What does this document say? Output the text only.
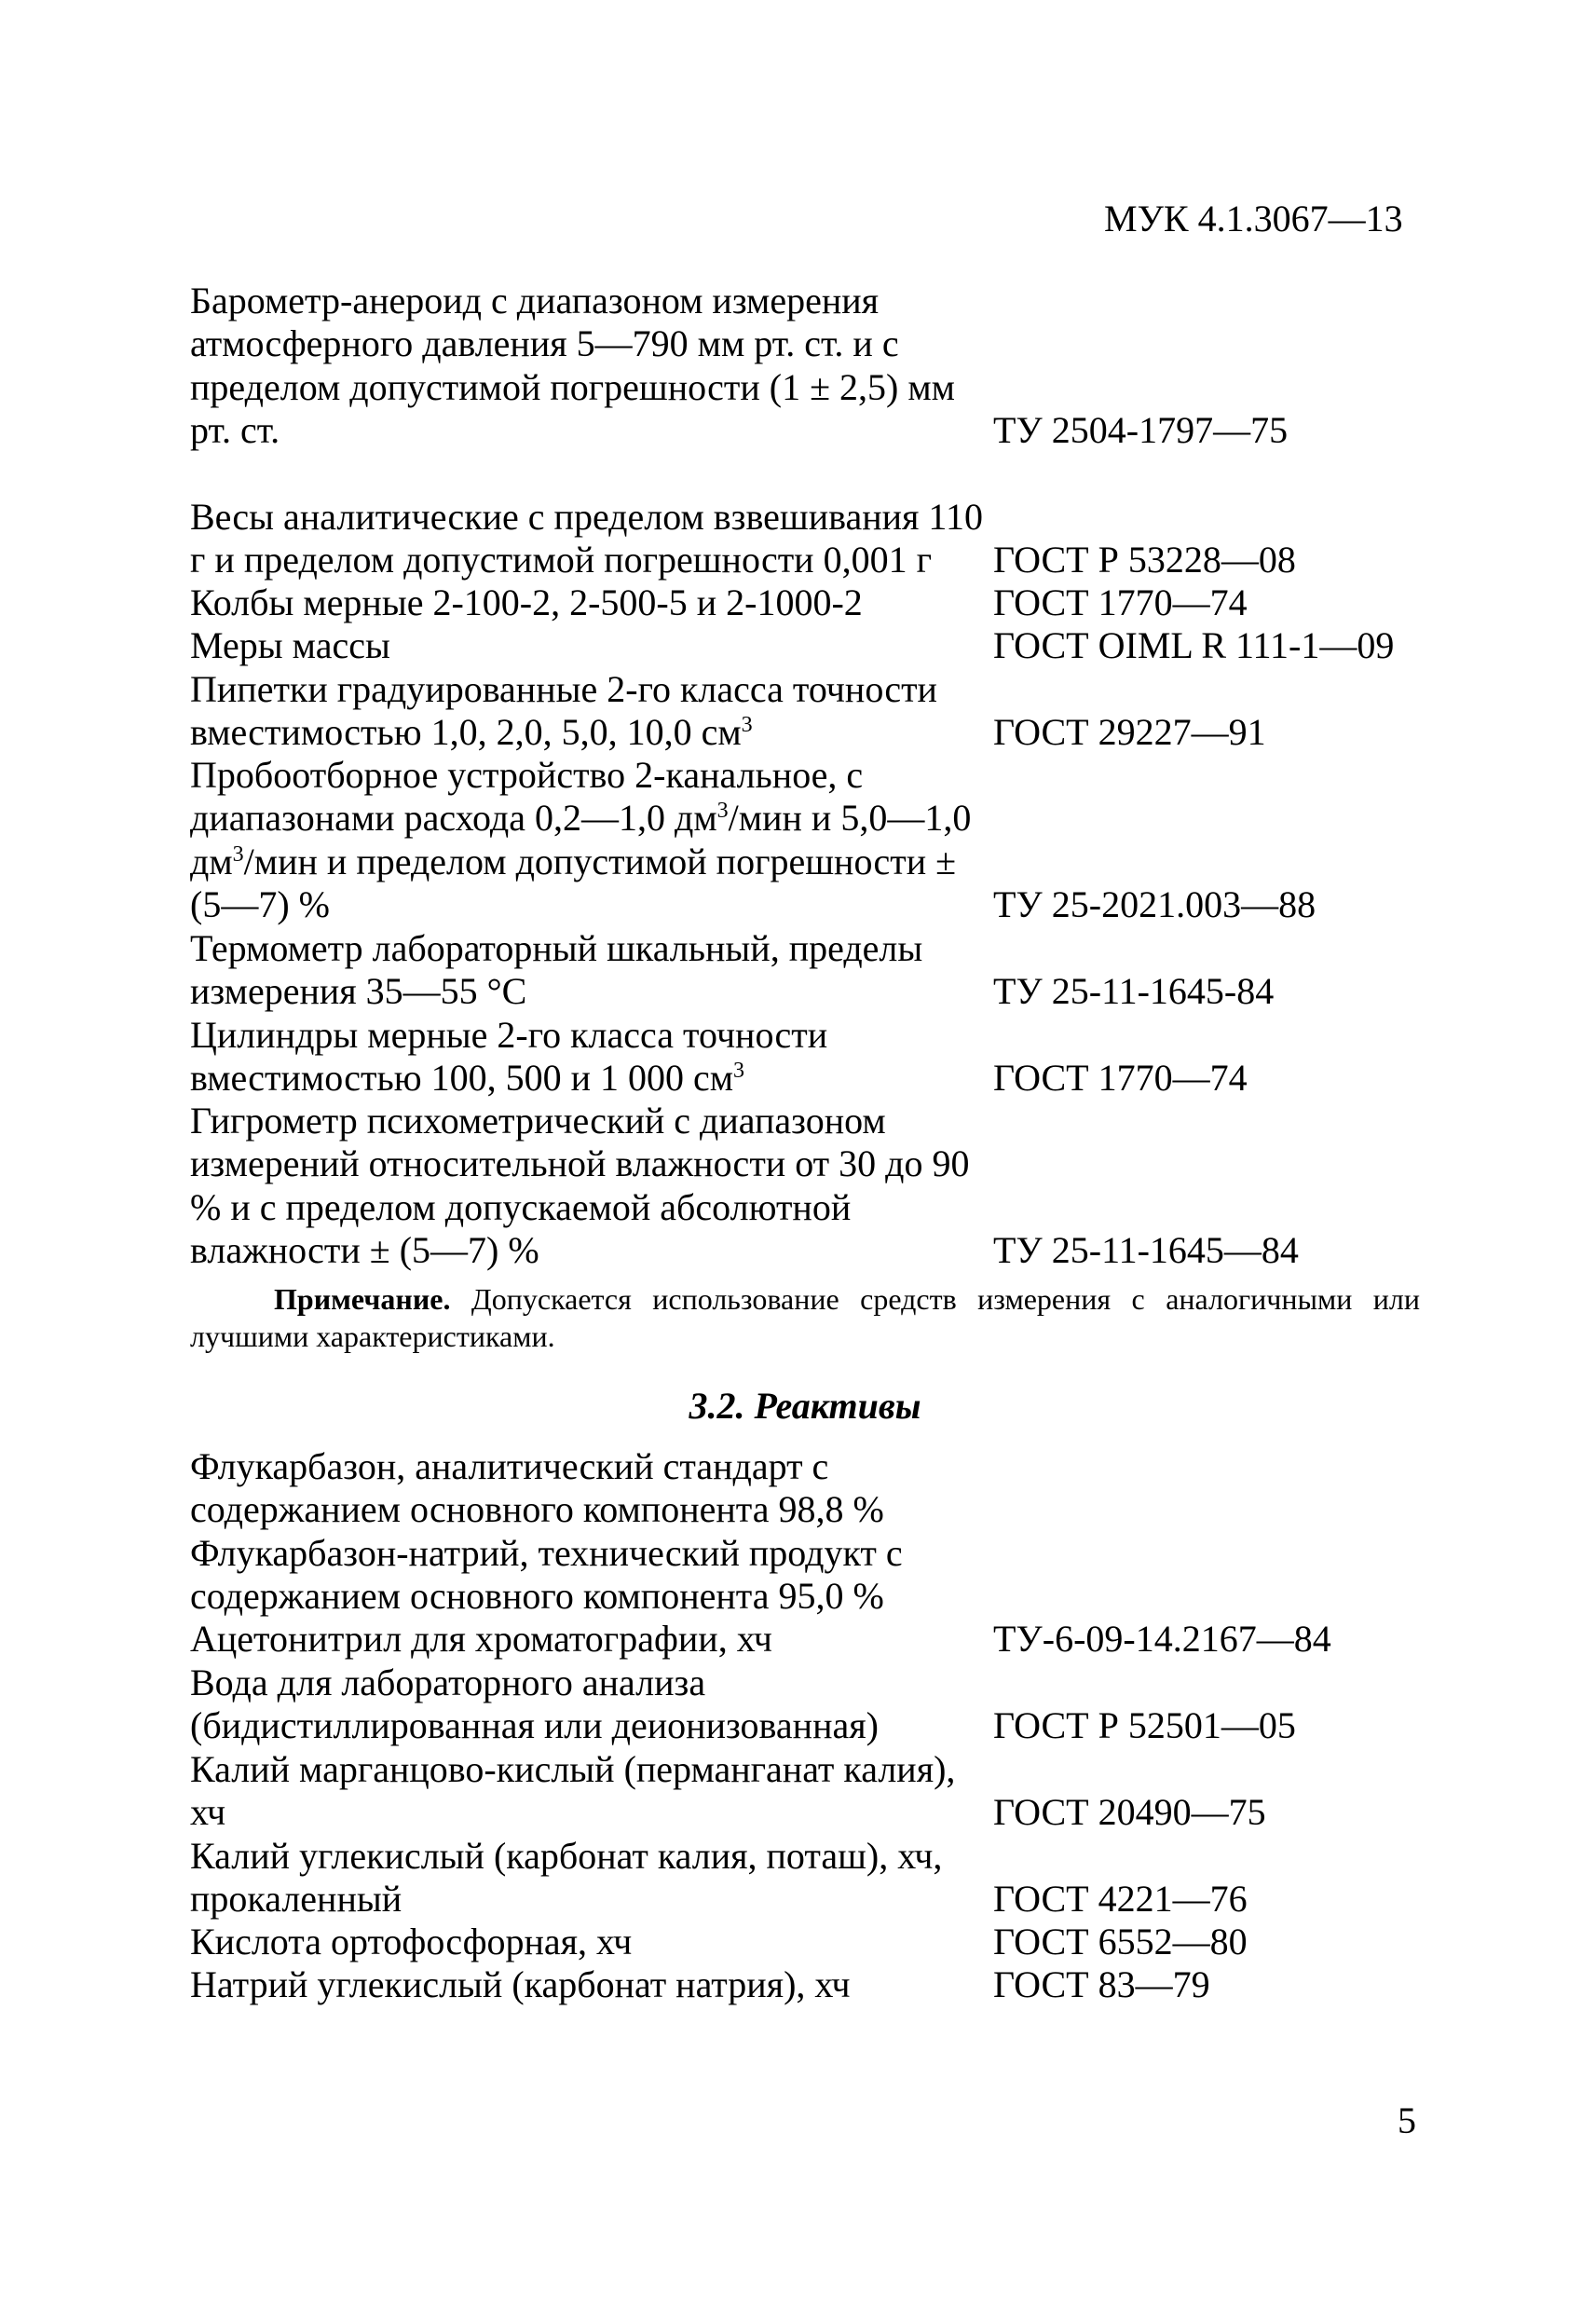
МУК 4.1.3067—13
Барометр-анероид с диапазоном измерения атмосферного давления 5—790 мм рт. ст. и с пределом допустимой погрешности (1 ± 2,5) мм рт. ст.	ТУ 2504-1797—75
Весы аналитические с пределом взвешивания 110 г и пределом допустимой погрешности 0,001 г	ГОСТ Р 53228—08
Колбы мерные 2-100-2, 2-500-5 и 2-1000-2	ГОСТ 1770—74
Меры массы	ГОСТ OIML R 111-1—09
Пипетки градуированные 2-го класса точности вместимостью 1,0, 2,0, 5,0, 10,0 $см^3$	ГОСТ 29227—91
Пробоотборное устройство 2-канальное, с диапазонами расхода 0,2—1,0 $дм^3$/мин и 5,0—1,0 $дм^3$/мин и пределом допустимой погрешности ± (5—7) %	ТУ 25-2021.003—88
Термометр лабораторный шкальный, пределы измерения 35—55 °С	ТУ 25-11-1645-84
Цилиндры мерные 2-го класса точности вместимостью 100, 500 и 1 000 $см^3$	ГОСТ 1770—74
Гигрометр психометрический с диапазоном измерений относительной влажности от 30 до 90 % и с пределом допускаемой абсолютной влажности ± (5—7) %	ТУ 25-11-1645—84
Примечание. Допускается использование средств измерения с аналогичными или лучшими характеристиками.
3.2. Реактивы
Флукарбазон, аналитический стандарт с содержанием основного компонента 98,8 %
Флукарбазон-натрий, технический продукт с содержанием основного компонента 95,0 %
Ацетонитрил для хроматографии, хч	ТУ-6-09-14.2167—84
Вода для лабораторного анализа (бидистиллированная или деионизованная)	ГОСТ Р 52501—05
Калий марганцово-кислый (перманганат калия), хч	ГОСТ 20490—75
Калий углекислый (карбонат калия, поташ), хч, прокаленный	ГОСТ 4221—76
Кислота ортофосфорная, хч	ГОСТ 6552—80
Натрий углекислый (карбонат натрия), хч	ГОСТ 83—79
5
